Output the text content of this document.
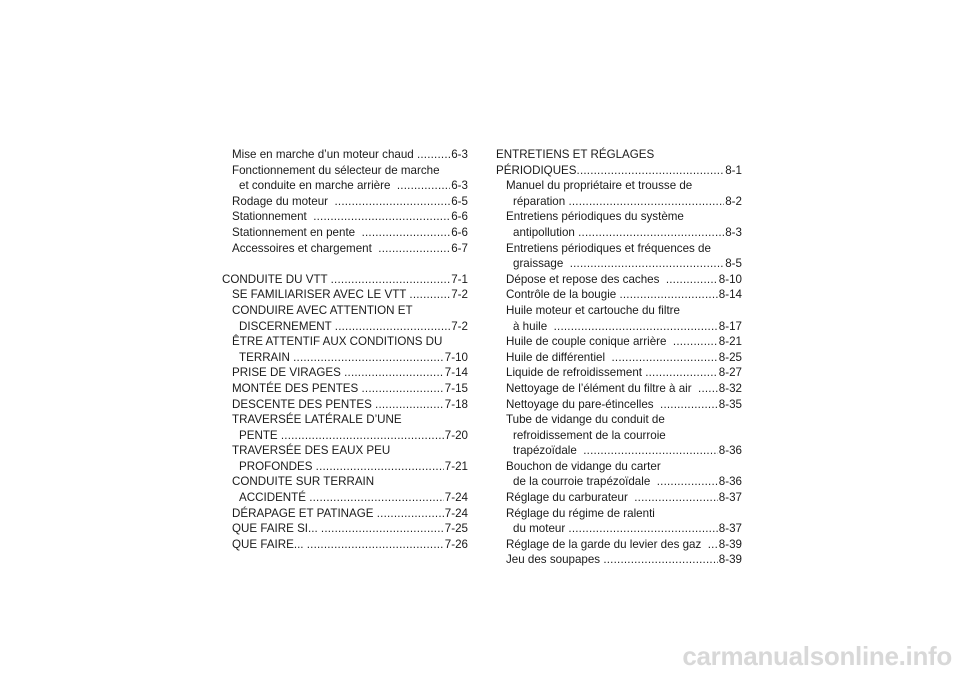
Mise en marche d’un moteur chaud .....	6-3
Fonctionnement du sélecteur de marche
et conduite en marche arrière .....	6-3
Rodage du moteur .....	6-5
Stationnement .....	6-6
Stationnement en pente .....	6-6
Accessoires et chargement .....	6-7
CONDUITE DU VTT .....	7-1
SE FAMILIARISER AVEC LE VTT .....	7-2
CONDUIRE AVEC ATTENTION ET
DISCERNEMENT .....	7-2
ÊTRE ATTENTIF AUX CONDITIONS DU
TERRAIN .....	7-10
PRISE DE VIRAGES .....	7-14
MONTÉE DES PENTES .....	7-15
DESCENTE DES PENTES .....	7-18
TRAVERSÉE LATÉRALE D’UNE
PENTE .....	7-20
TRAVERSÉE DES EAUX PEU
PROFONDES .....	7-21
CONDUITE SUR TERRAIN
ACCIDENTÉ .....	7-24
DÉRAPAGE ET PATINAGE .....	7-24
QUE FAIRE SI... .....	7-25
QUE FAIRE... .....	7-26
ENTRETIENS ET RÉGLAGES
PÉRIODIQUES .....	8-1
Manuel du propriétaire et trousse de
réparation .....	8-2
Entretiens périodiques du système
antipollution .....	8-3
Entretiens périodiques et fréquences de
graissage .....	8-5
Dépose et repose des caches .....	8-10
Contrôle de la bougie .....	8-14
Huile moteur et cartouche du filtre
à huile .....	8-17
Huile de couple conique arrière .....	8-21
Huile de différentiel .....	8-25
Liquide de refroidissement .....	8-27
Nettoyage de l’élément du filtre à air ..... 8-32
Nettoyage du pare-étincelles .....	8-35
Tube de vidange du conduit de
refroidissement de la courroie
trapézoïdale .....	8-36
Bouchon de vidange du carter
de la courroie trapézoïdale .....	8-36
Réglage du carburateur .....	8-37
Réglage du régime de ralenti
du moteur .....	8-37
Réglage de la garde du levier des gaz ..... 8-39
Jeu des soupapes .....	8-39
carmanualsonline.info
